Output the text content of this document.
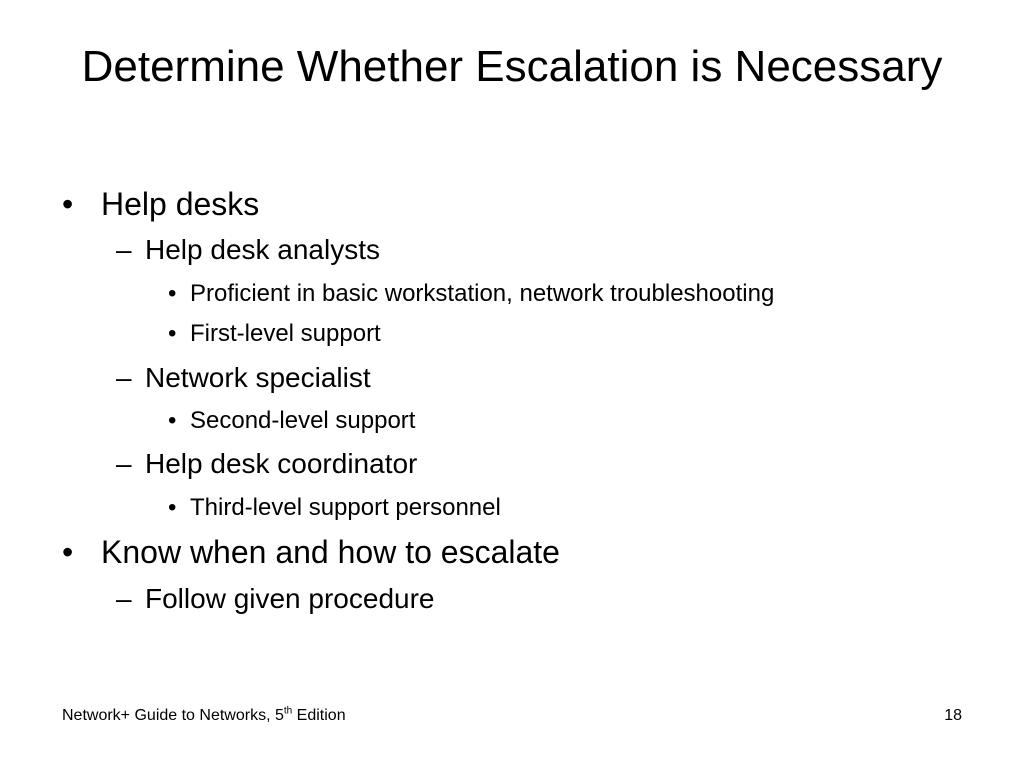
Determine Whether Escalation is Necessary
• Help desks
– Help desk analysts
• Proficient in basic workstation, network troubleshooting
• First-level support
– Network specialist
• Second-level support
– Help desk coordinator
• Third-level support personnel
• Know when and how to escalate
– Follow given procedure
Network+ Guide to Networks, 5th Edition	18
